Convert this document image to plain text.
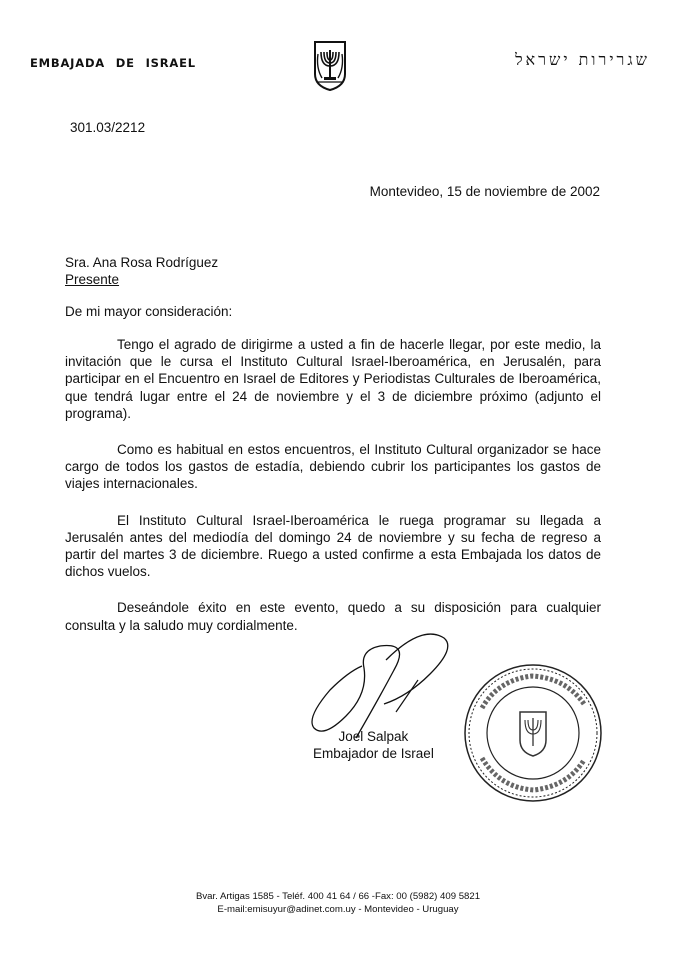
EMBAJADA DE ISRAEL	שגרירות ישראל
301.03/2212
Montevideo, 15 de noviembre de 2002
Sra. Ana Rosa Rodríguez
Presente
De mi mayor consideración:

Tengo el agrado de dirigirme a usted a fin de hacerle llegar, por este medio, la invitación que le cursa el Instituto Cultural Israel-Iberoamérica, en Jerusalén, para participar en el Encuentro en Israel de Editores y Periodistas Culturales de Iberoamérica, que tendrá lugar entre el 24 de noviembre y el 3 de diciembre próximo (adjunto el programa).

Como es habitual en estos encuentros, el Instituto Cultural organizador se hace cargo de todos los gastos de estadía, debiendo cubrir los participantes los gastos de viajes internacionales.

El Instituto Cultural Israel-Iberoamérica le ruega programar su llegada a Jerusalén antes del mediodía del domingo 24 de noviembre y su fecha de regreso a partir del martes 3 de diciembre. Ruego a usted confirme a esta Embajada los datos de dichos vuelos.

Deseándole éxito en este evento, quedo a su disposición para cualquier consulta y la saludo muy cordialmente.

Joel Salpak
Embajador de Israel
Bvar. Artigas 1585 - Teléf. 400 41 64 / 66 -Fax: 00 (5982) 409 5821
E-mail:emisuyur@adinet.com.uy - Montevideo - Uruguay
